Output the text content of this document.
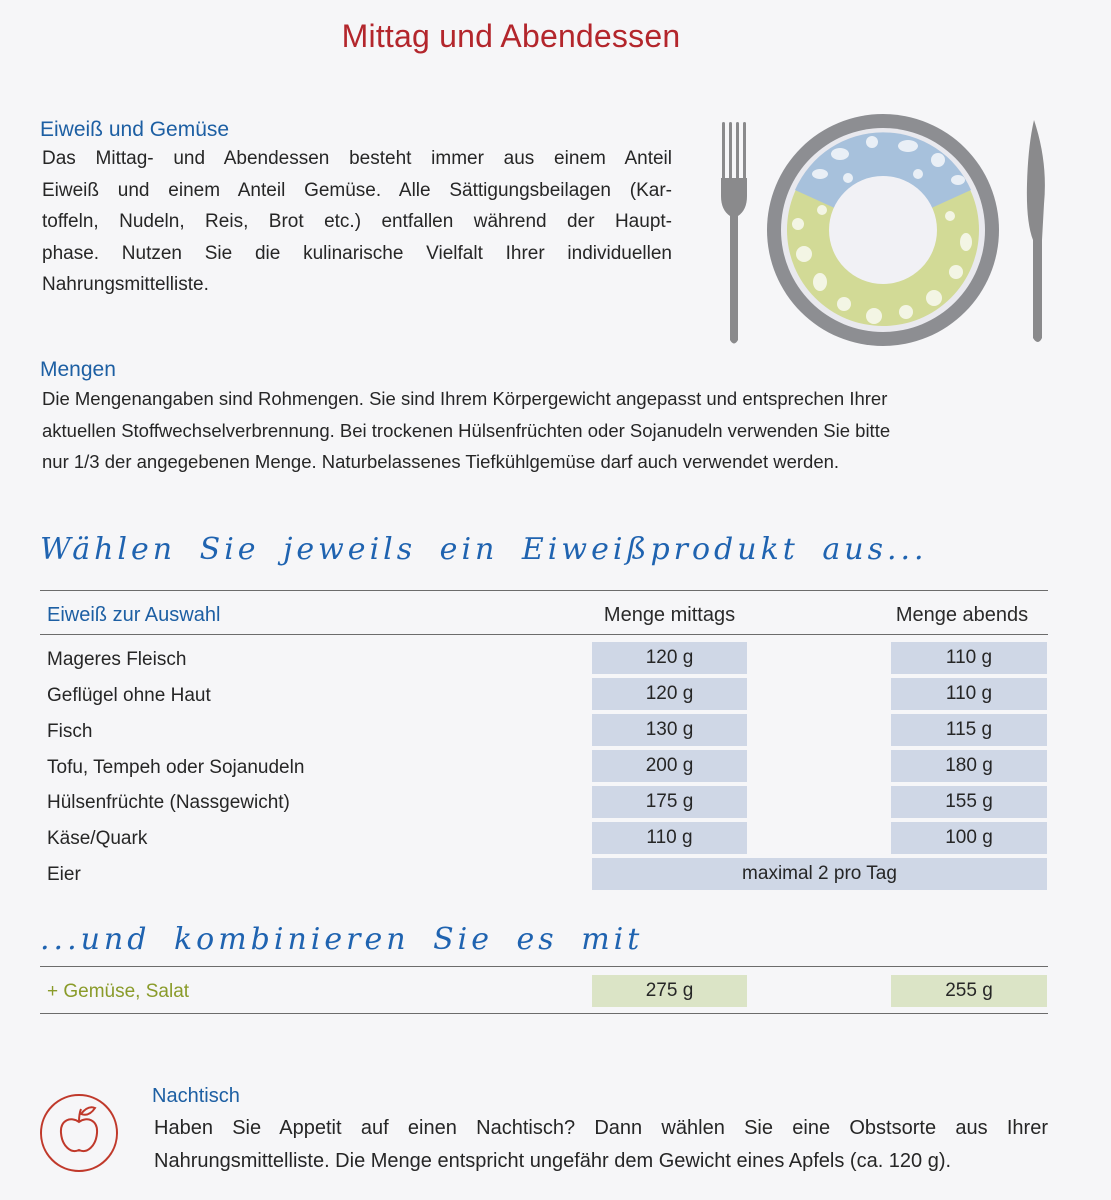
Mittag und Abendessen
Eiweiß und Gemüse
Das Mittag- und Abendessen besteht immer aus einem Anteil
Eiweiß und einem Anteil Gemüse. Alle Sättigungsbeilagen (Kar-
toffeln, Nudeln, Reis, Brot etc.) entfallen während der Haupt-
phase. Nutzen Sie die kulinarische Vielfalt Ihrer individuellen
Nahrungsmittelliste.
Mengen
Die Mengenangaben sind Rohmengen. Sie sind Ihrem Körpergewicht angepasst und entsprechen Ihrer
aktuellen Stoffwechselverbrennung. Bei trockenen Hülsenfrüchten oder Sojanudeln verwenden Sie bitte
nur 1/3 der angegebenen Menge. Naturbelassenes Tiefkühlgemüse darf auch verwendet werden.
Wählen Sie jeweils ein Eiweißprodukt aus...
Eiweiß zur Auswahl	Menge mittags	Menge abends
Mageres Fleisch	120 g	110 g
Geflügel ohne Haut	120 g	110 g
Fisch	130 g	115 g
Tofu, Tempeh oder Sojanudeln	200 g	180 g
Hülsenfrüchte (Nassgewicht)	175 g	155 g
Käse/Quark	110 g	100 g
Eier	maximal 2 pro Tag
...und kombinieren Sie es mit
+ Gemüse, Salat	275 g	255 g
Nachtisch
Haben Sie Appetit auf einen Nachtisch? Dann wählen Sie eine Obstsorte aus Ihrer
Nahrungsmittelliste. Die Menge entspricht ungefähr dem Gewicht eines Apfels (ca. 120 g).
